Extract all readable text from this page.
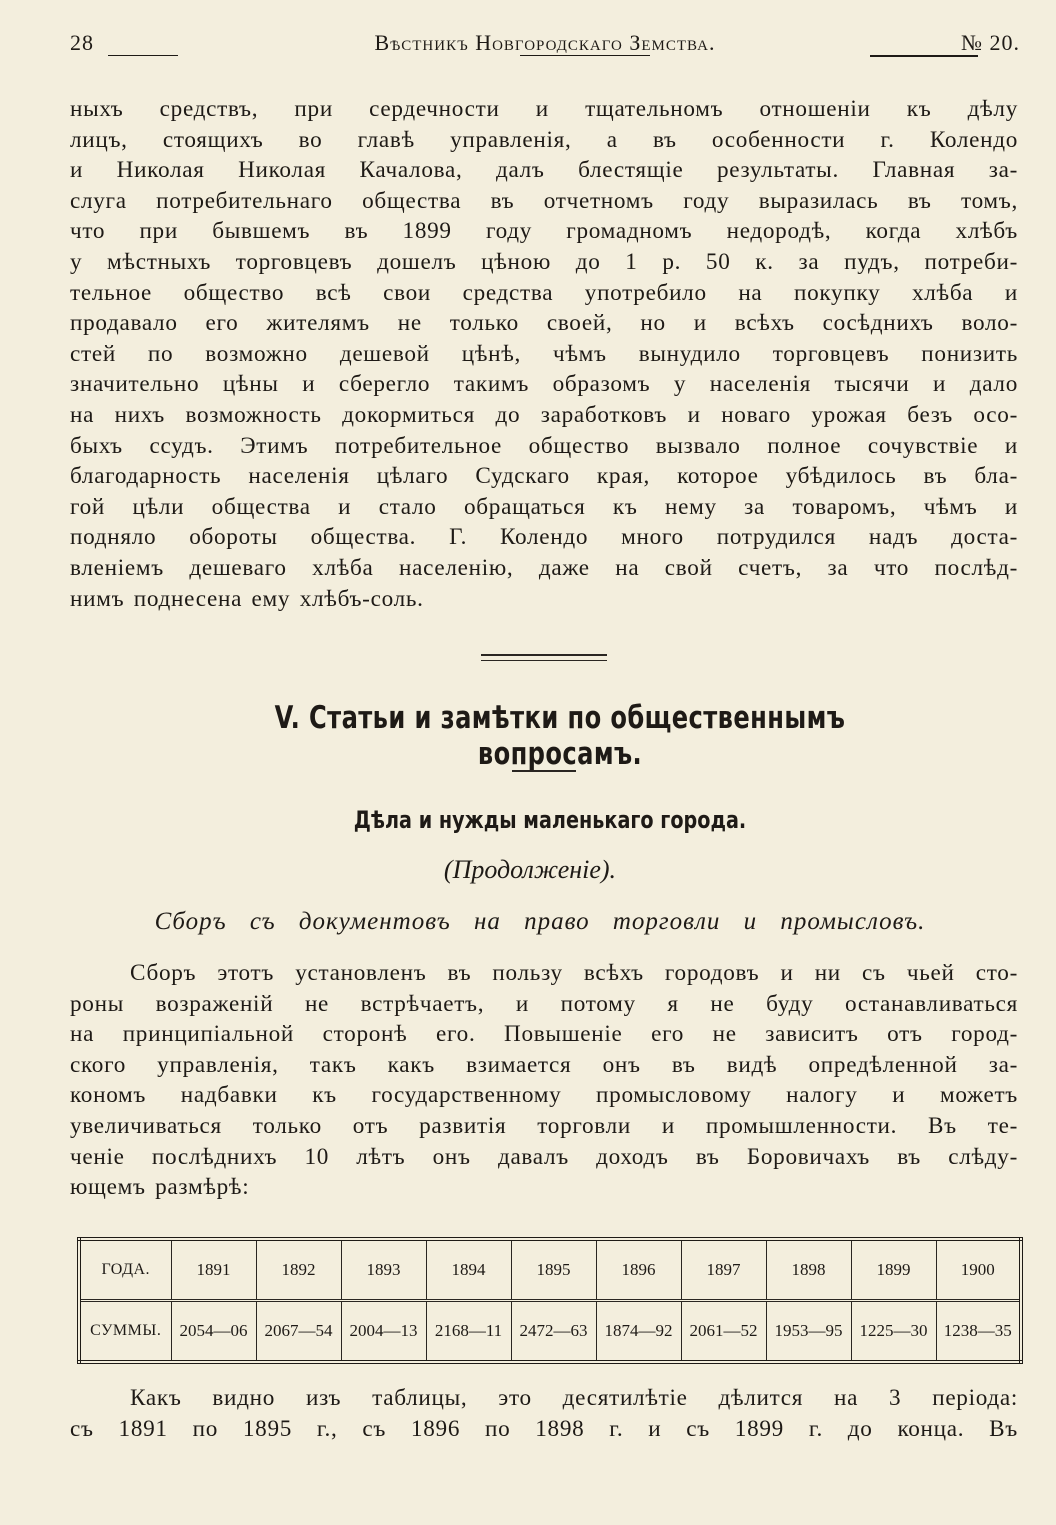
28	Вѣстникъ Новгородскаго Земства.	№ 20.
ныхъ средствъ, при сердечности и тщательномъ отношеніи къ дѣлу
лицъ, стоящихъ во главѣ управленія, а въ особенности г. Колендо
и Николая Николая Качалова, далъ блестящіе результаты. Главная за-
слуга потребительнаго общества въ отчетномъ году выразилась въ томъ,
что при бывшемъ въ 1899 году громадномъ недородѣ, когда хлѣбъ
у мѣстныхъ торговцевъ дошелъ цѣною до 1 р. 50 к. за пудъ, потреби-
тельное общество всѣ свои средства употребило на покупку хлѣба и
продавало его жителямъ не только своей, но и всѣхъ сосѣднихъ воло-
стей по возможно дешевой цѣнѣ, чѣмъ вынудило торговцевъ понизить
значительно цѣны и сберегло такимъ образомъ у населенія тысячи и дало
на нихъ возможность докормиться до заработковъ и новаго урожая безъ осо-
быхъ ссудъ. Этимъ потребительное общество вызвало полное сочувствіе и
благодарность населенія цѣлаго Судскаго края, которое убѣдилось въ бла-
гой цѣли общества и стало обращаться къ нему за товаромъ, чѣмъ и
подняло обороты общества. Г. Колендо много потрудился надъ доста-
вленіемъ дешеваго хлѣба населенію, даже на свой счетъ, за что послѣд-
нимъ поднесена ему хлѣбъ-соль.
V. Статьи и замѣтки по общественнымъ вопросамъ.
Дѣла и нужды маленькаго города.
(Продолженіе).
Сборъ съ документовъ на право торговли и промысловъ.
Сборъ этотъ установленъ въ пользу всѣхъ городовъ и ни съ чьей сто-
роны возраженій не встрѣчаетъ, и потому я не буду останавливаться
на принципіальной сторонѣ его. Повышеніе его не зависитъ отъ город-
ского управленія, такъ какъ взимается онъ въ видѣ опредѣленной за-
кономъ надбавки къ государственному промысловому налогу и можетъ
увеличиваться только отъ развитія торговли и промышленности. Въ те-
ченіе послѣднихъ 10 лѣтъ онъ давалъ доходъ въ Боровичахъ въ слѣду-
ющемъ размѣрѣ:
ГОДА.	1891	1892	1893	1894	1895	1896	1897	1898	1899	1900
СУММЫ.	2054—06	2067—54	2004—13	2168—11	2472—63	1874—92	2061—52	1953—95	1225—30	1238—35
Какъ видно изъ таблицы, это десятилѣтіе дѣлится на 3 періода:
съ 1891 по 1895 г., съ 1896 по 1898 г. и съ 1899 г. до конца. Въ
